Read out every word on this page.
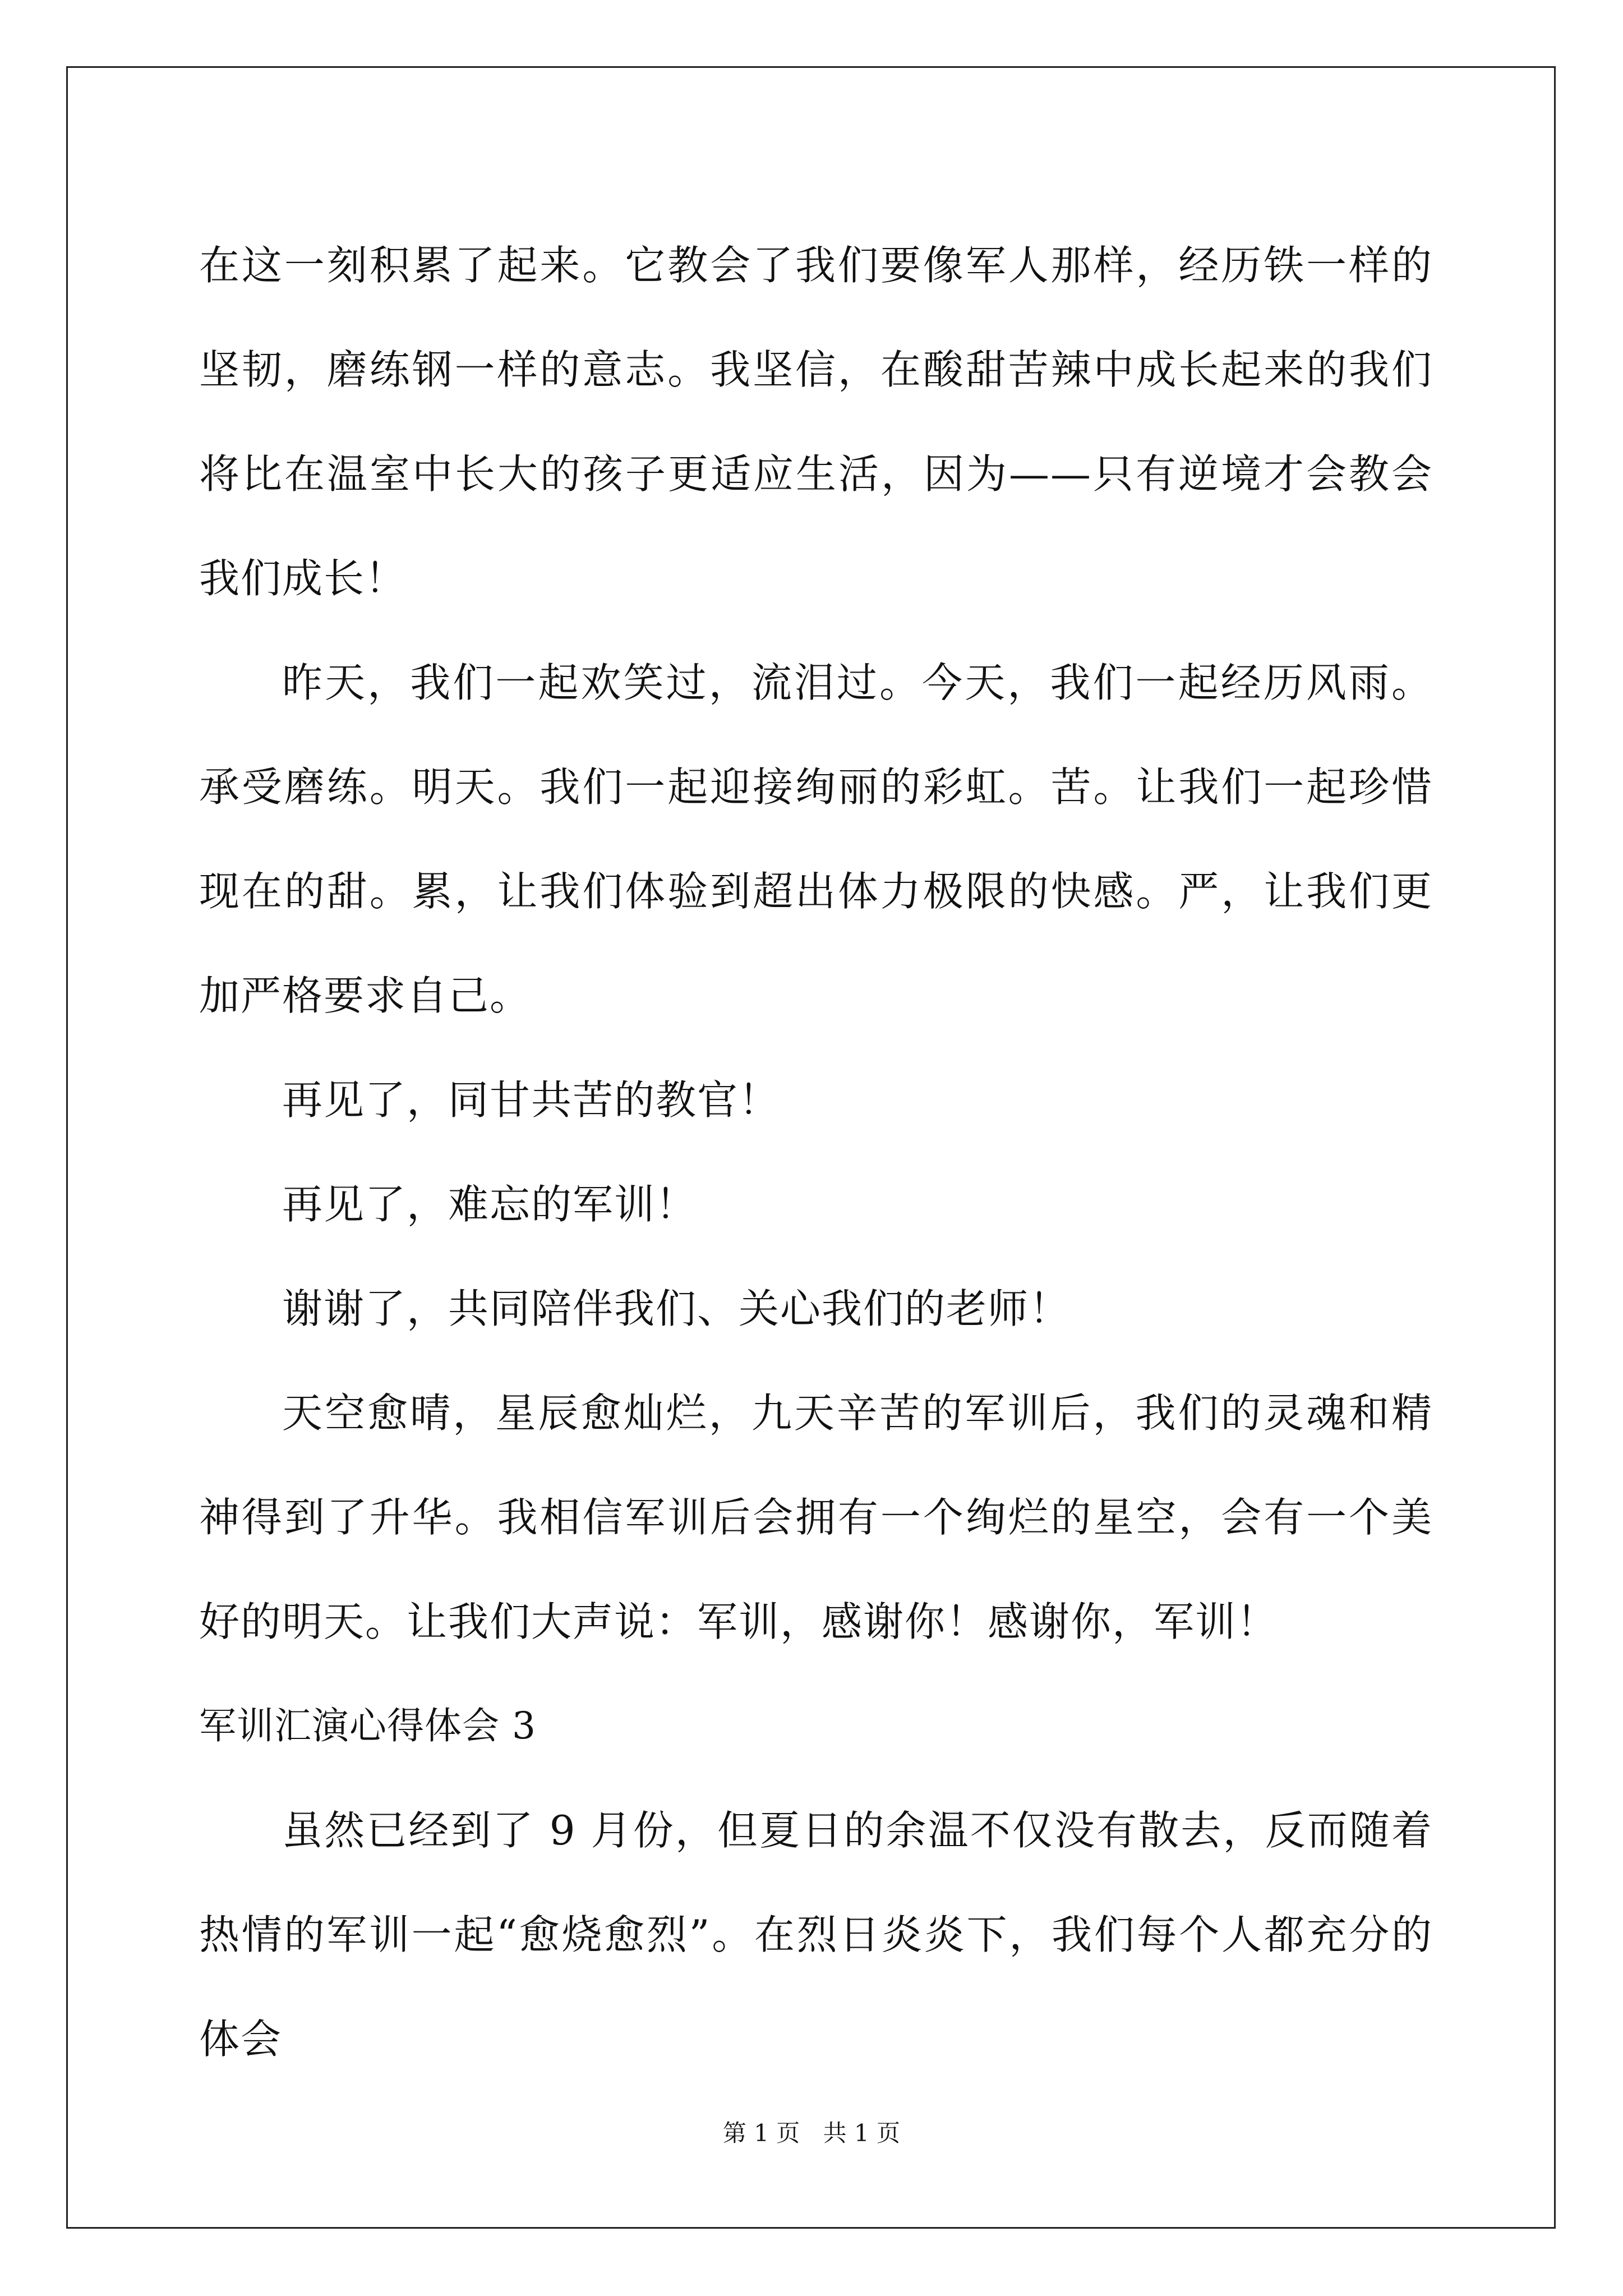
在这一刻积累了起来。它教会了我们要像军人那样，经历铁一样的坚韧，磨练钢一样的意志。我坚信，在酸甜苦辣中成长起来的我们将比在温室中长大的孩子更适应生活，因为——只有逆境才会教会我们成长！

昨天，我们一起欢笑过，流泪过。今天，我们一起经历风雨。承受磨练。明天。我们一起迎接绚丽的彩虹。苦。让我们一起珍惜现在的甜。累，让我们体验到超出体力极限的快感。严，让我们更加严格要求自己。

再见了，同甘共苦的教官！

再见了，难忘的军训！

谢谢了，共同陪伴我们、关心我们的老师！

天空愈晴，星辰愈灿烂，九天辛苦的军训后，我们的灵魂和精神得到了升华。我相信军训后会拥有一个绚烂的星空，会有一个美好的明天。让我们大声说：军训，感谢你！感谢你，军训！

军训汇演心得体会 3

虽然已经到了 9 月份，但夏日的余温不仅没有散去，反而随着热情的军训一起“愈烧愈烈”。在烈日炎炎下，我们每个人都充分的体会

第 1 页 共 1 页
